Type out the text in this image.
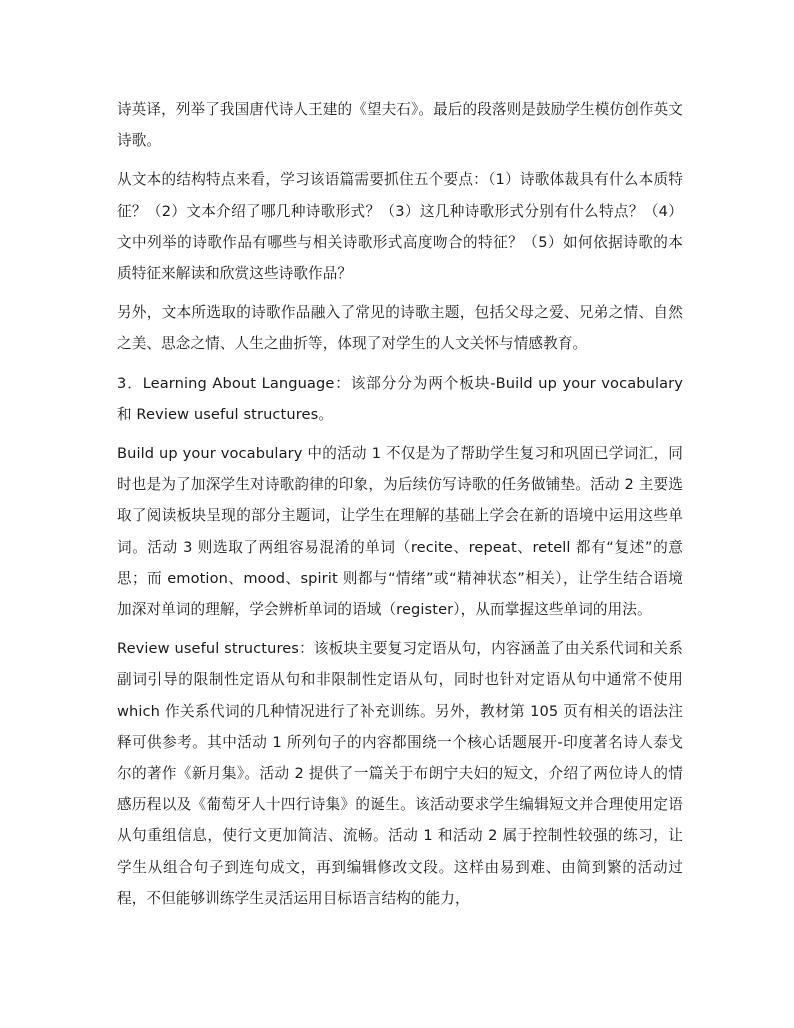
诗英译，列举了我国唐代诗人王建的《望夫石》。最后的段落则是鼓励学生模仿创作英文诗歌。

从文本的结构特点来看，学习该语篇需要抓住五个要点：（1）诗歌体裁具有什么本质特征？（2）文本介绍了哪几种诗歌形式？（3）这几种诗歌形式分别有什么特点？（4）文中列举的诗歌作品有哪些与相关诗歌形式高度吻合的特征？（5）如何依据诗歌的本质特征来解读和欣赏这些诗歌作品？

另外，文本所选取的诗歌作品融入了常见的诗歌主题，包括父母之爱、兄弟之情、自然之美、思念之情、人生之曲折等，体现了对学生的人文关怀与情感教育。

3．Learning About Language：该部分分为两个板块-Build up your vocabulary 和 Review useful structures。

Build up your vocabulary 中的活动 1 不仅是为了帮助学生复习和巩固已学词汇，同时也是为了加深学生对诗歌韵律的印象，为后续仿写诗歌的任务做铺垫。活动 2 主要选取了阅读板块呈现的部分主题词，让学生在理解的基础上学会在新的语境中运用这些单词。活动 3 则选取了两组容易混淆的单词（recite、repeat、retell 都有“复述”的意思；而 emotion、mood、spirit 则都与“情绪”或“精神状态”相关），让学生结合语境加深对单词的理解，学会辨析单词的语域（register），从而掌握这些单词的用法。

Review useful structures：该板块主要复习定语从句，内容涵盖了由关系代词和关系副词引导的限制性定语从句和非限制性定语从句，同时也针对定语从句中通常不使用 which 作关系代词的几种情况进行了补充训练。另外，教材第 105 页有相关的语法注释可供参考。其中活动 1 所列句子的内容都围绕一个核心话题展开-印度著名诗人泰戈尔的著作《新月集》。活动 2 提供了一篇关于布朗宁夫妇的短文，介绍了两位诗人的情感历程以及《葡萄牙人十四行诗集》的诞生。该活动要求学生编辑短文并合理使用定语从句重组信息，使行文更加简洁、流畅。活动 1 和活动 2 属于控制性较强的练习，让学生从组合句子到连句成文，再到编辑修改文段。这样由易到难、由简到繁的活动过程，不但能够训练学生灵活运用目标语言结构的能力，
